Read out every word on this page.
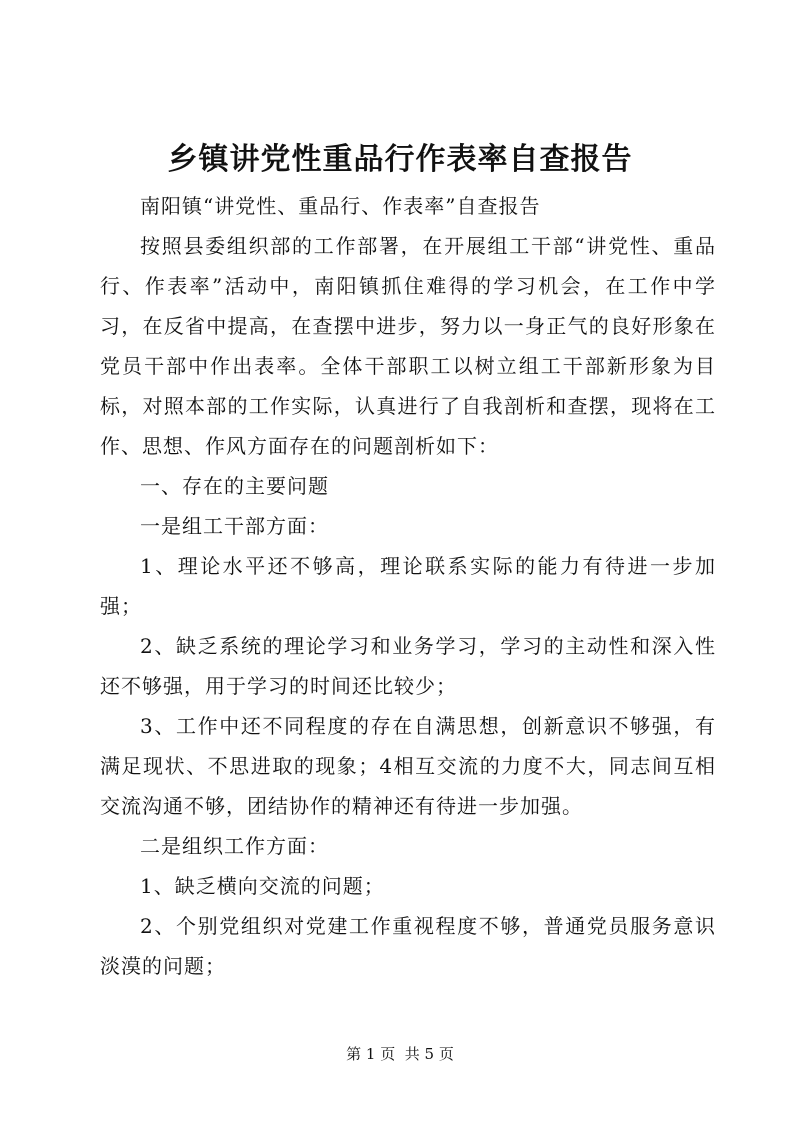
乡镇讲党性重品行作表率自查报告

南阳镇“讲党性、重品行、作表率”自查报告

按照县委组织部的工作部署，在开展组工干部“讲党性、重品行、作表率”活动中，南阳镇抓住难得的学习机会，在工作中学习，在反省中提高，在查摆中进步，努力以一身正气的良好形象在党员干部中作出表率。全体干部职工以树立组工干部新形象为目标，对照本部的工作实际，认真进行了自我剖析和查摆，现将在工作、思想、作风方面存在的问题剖析如下：

一、存在的主要问题

一是组工干部方面：

1、理论水平还不够高，理论联系实际的能力有待进一步加强；

2、缺乏系统的理论学习和业务学习，学习的主动性和深入性还不够强，用于学习的时间还比较少；

3、工作中还不同程度的存在自满思想，创新意识不够强，有满足现状、不思进取的现象；4相互交流的力度不大，同志间互相交流沟通不够，团结协作的精神还有待进一步加强。

二是组织工作方面：

1、缺乏横向交流的问题；

2、个别党组织对党建工作重视程度不够，普通党员服务意识淡漠的问题；

第 1 页  共 5 页
